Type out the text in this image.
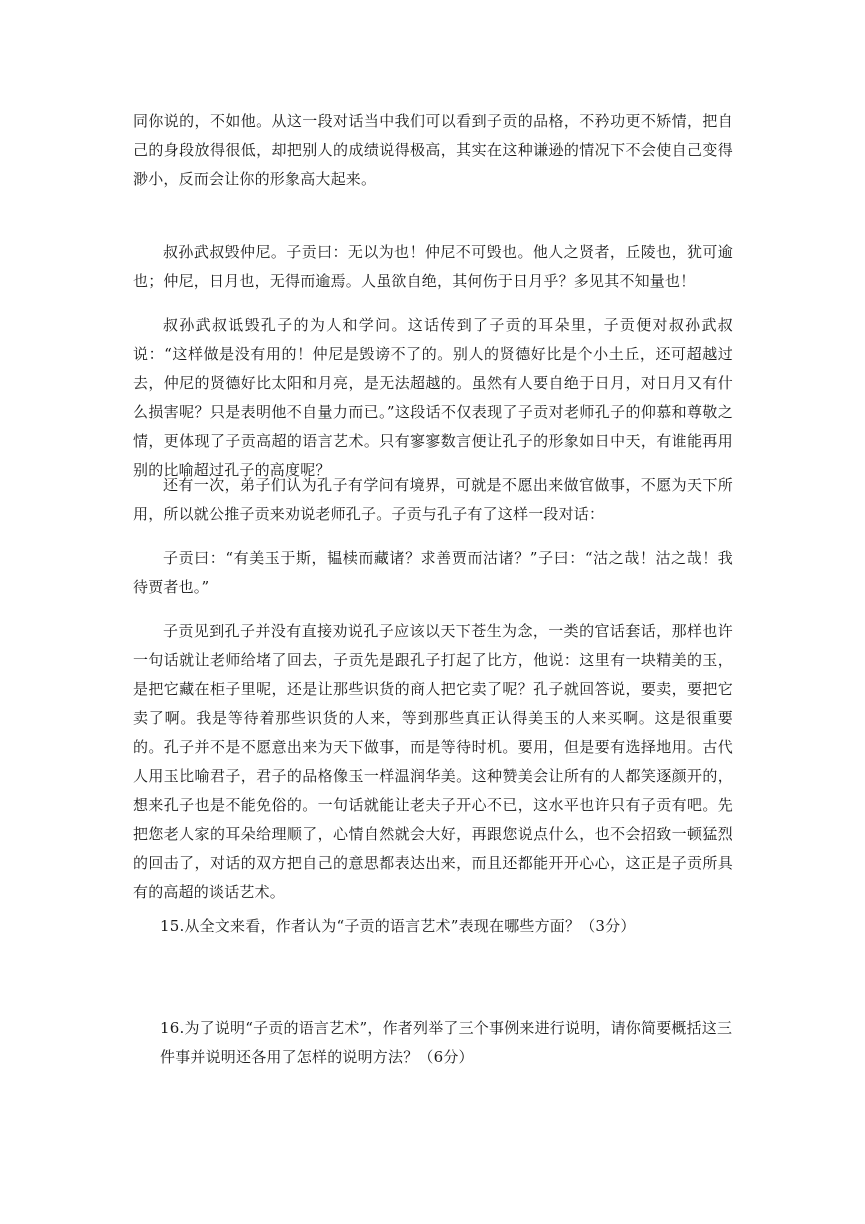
同你说的，不如他。从这一段对话当中我们可以看到子贡的品格，不矜功更不矫情，把自己的身段放得很低，却把别人的成绩说得极高，其实在这种谦逊的情况下不会使自己变得渺小，反而会让你的形象高大起来。

叔孙武叔毁仲尼。子贡曰：无以为也！仲尼不可毁也。他人之贤者，丘陵也，犹可逾也；仲尼，日月也，无得而逾焉。人虽欲自绝，其何伤于日月乎？多见其不知量也！

叔孙武叔诋毁孔子的为人和学问。这话传到了子贡的耳朵里，子贡便对叔孙武叔说：“这样做是没有用的！仲尼是毁谤不了的。别人的贤德好比是个小土丘，还可超越过去，仲尼的贤德好比太阳和月亮，是无法超越的。虽然有人要自绝于日月，对日月又有什么损害呢？只是表明他不自量力而已。”这段话不仅表现了子贡对老师孔子的仰慕和尊敬之情，更体现了子贡高超的语言艺术。只有寥寥数言便让孔子的形象如日中天，有谁能再用别的比喻超过孔子的高度呢？

还有一次，弟子们认为孔子有学问有境界，可就是不愿出来做官做事，不愿为天下所用，所以就公推子贡来劝说老师孔子。子贡与孔子有了这样一段对话：

子贡曰：“有美玉于斯，韫椟而藏诸？求善贾而沽诸？”子曰：“沽之哉！沽之哉！我待贾者也。”

子贡见到孔子并没有直接劝说孔子应该以天下苍生为念，一类的官话套话，那样也许一句话就让老师给堵了回去，子贡先是跟孔子打起了比方，他说：这里有一块精美的玉，是把它藏在柜子里呢，还是让那些识货的商人把它卖了呢？孔子就回答说，要卖，要把它卖了啊。我是等待着那些识货的人来，等到那些真正认得美玉的人来买啊。这是很重要的。孔子并不是不愿意出来为天下做事，而是等待时机。要用，但是要有选择地用。古代人用玉比喻君子，君子的品格像玉一样温润华美。这种赞美会让所有的人都笑逐颜开的，想来孔子也是不能免俗的。一句话就能让老夫子开心不已，这水平也许只有子贡有吧。先把您老人家的耳朵给理顺了，心情自然就会大好，再跟您说点什么，也不会招致一顿猛烈的回击了，对话的双方把自己的意思都表达出来，而且还都能开开心心，这正是子贡所具有的高超的谈话艺术。

15.从全文来看，作者认为“子贡的语言艺术”表现在哪些方面？（3分）

16.为了说明“子贡的语言艺术”，作者列举了三个事例来进行说明，请你简要概括这三件事并说明还各用了怎样的说明方法？（6分）
